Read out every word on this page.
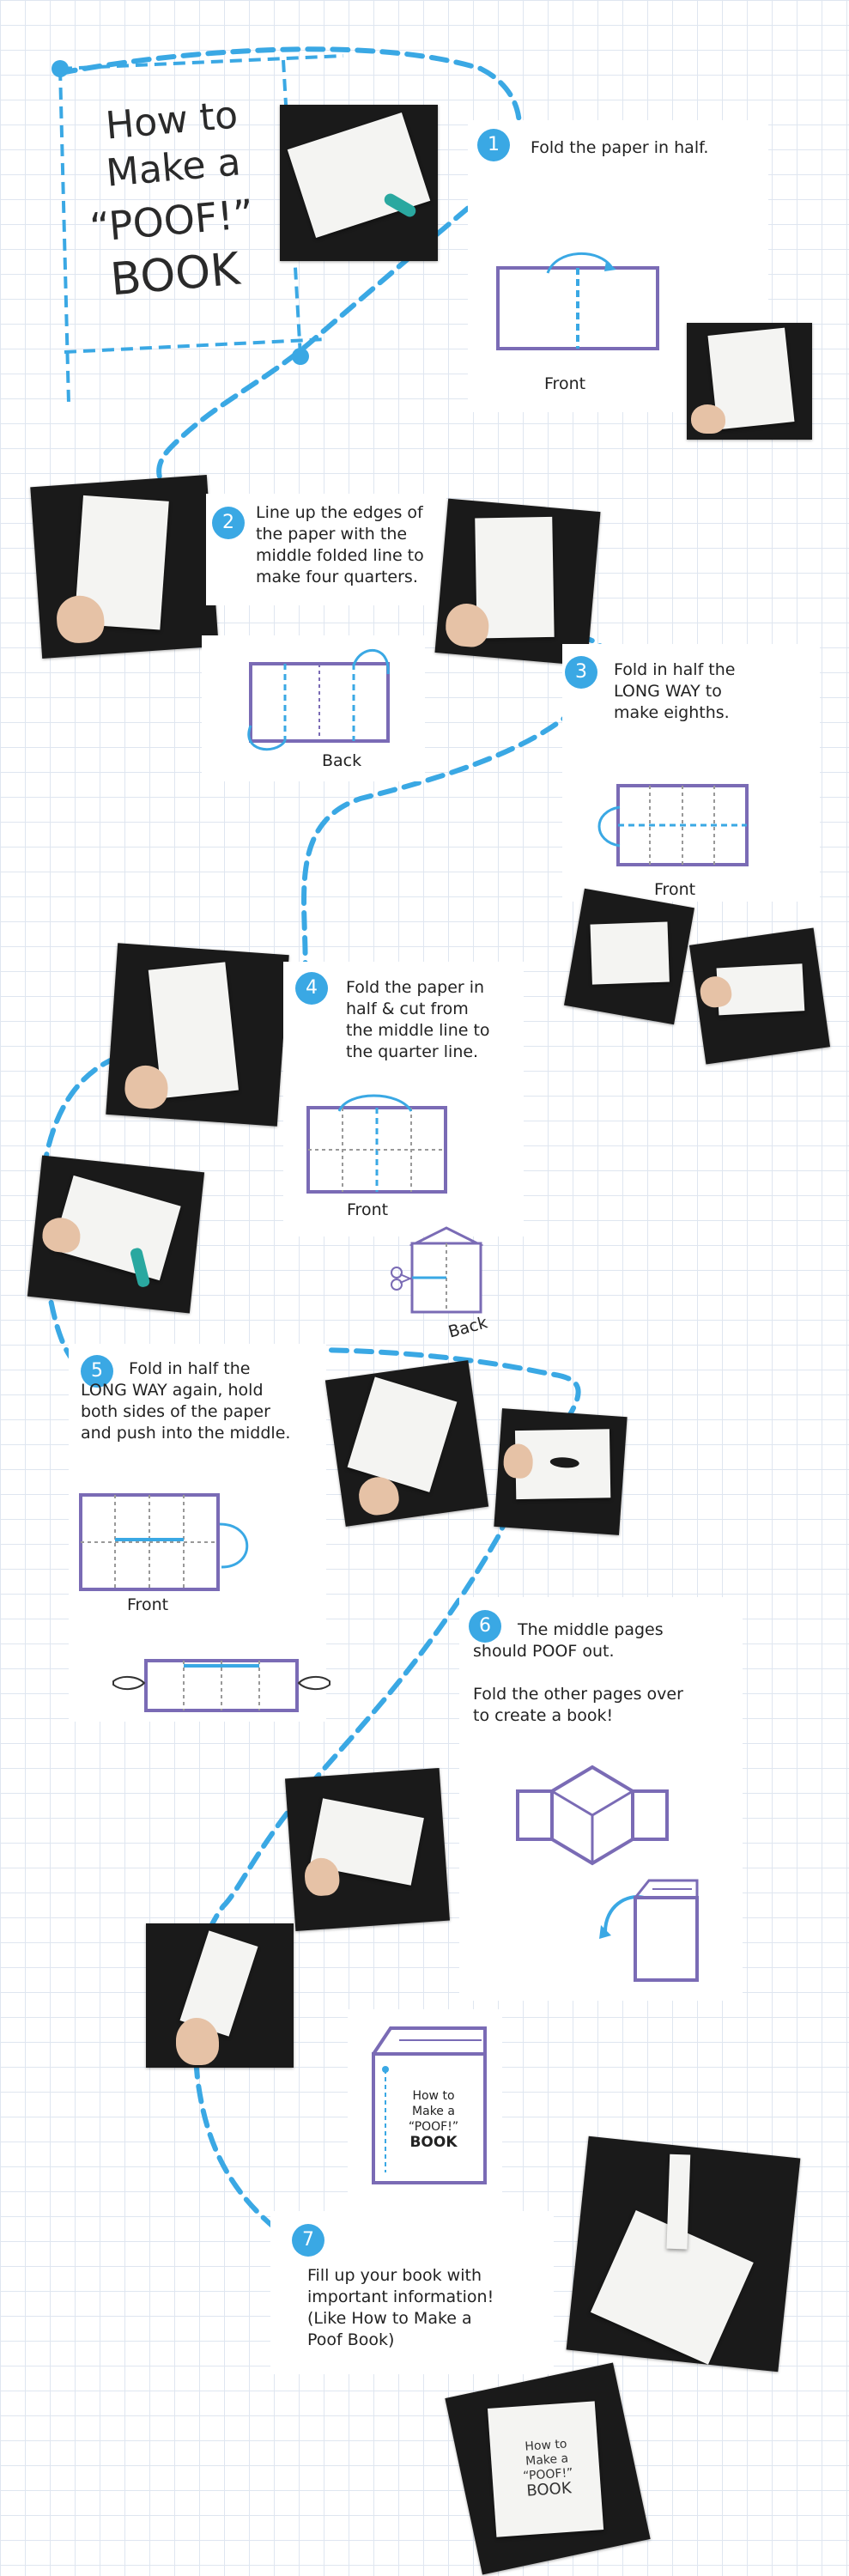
How to
Make a
“POOF!”
BOOK
1	Fold the paper in half.
Front
2	Line up the edges of
the paper with the
middle folded line to
make four quarters.
Back
3	Fold in half the
LONG WAY to
make eighths.
Front
4	Fold the paper in
half & cut from
the middle line to
the quarter line.
Front
Back
5	Fold in half the
LONG WAY again, hold
both sides of the paper
and push into the middle.
Front
6	The middle pages
should POOF out.

Fold the other pages over
to create a book!
How to
Make a
“POOF!”
BOOK
7
Fill up your book with
important information!
(Like How to Make a
Poof Book)
How to
Make a
“POOF!”
BOOK
